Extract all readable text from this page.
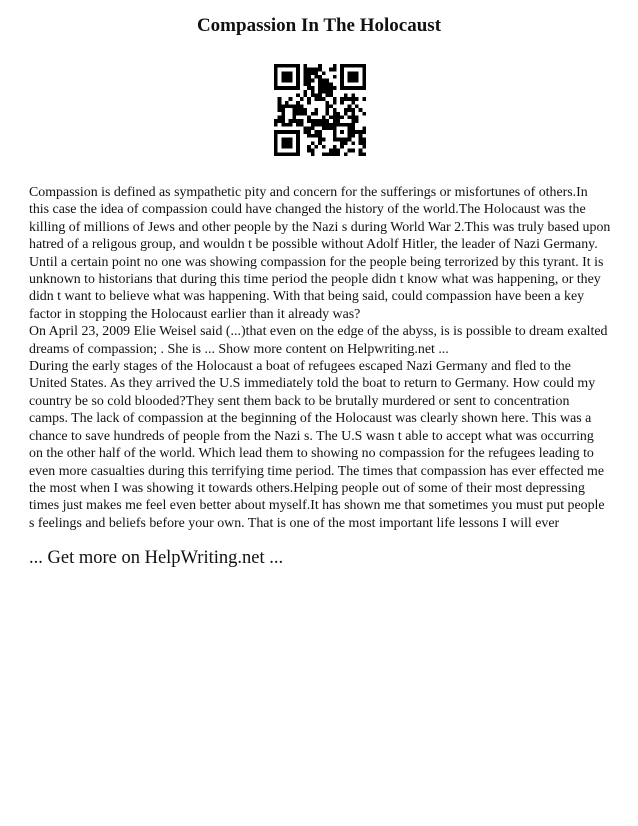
Compassion In The Holocaust

Compassion is defined as sympathetic pity and concern for the sufferings or misfortunes of others.In this case the idea of compassion could have changed the history of the world.The Holocaust was the killing of millions of Jews and other people by the Nazi s during World War 2.This was truly based upon hatred of a religous group, and wouldn t be possible without Adolf Hitler, the leader of Nazi Germany. Until a certain point no one was showing compassion for the people being terrorized by this tyrant. It is unknown to historians that during this time period the people didn t know what was happening, or they didn t want to believe what was happening. With that being said, could compassion have been a key factor in stopping the Holocaust earlier than it already was?

On April 23, 2009 Elie Weisel said (...)that even on the edge of the abyss, is is possible to dream exalted dreams of compassion; . She is ... Show more content on Helpwriting.net ...

During the early stages of the Holocaust a boat of refugees escaped Nazi Germany and fled to the United States. As they arrived the U.S immediately told the boat to return to Germany. How could my country be so cold blooded?They sent them back to be brutally murdered or sent to concentration camps. The lack of compassion at the beginning of the Holocaust was clearly shown here. This was a chance to save hundreds of people from the Nazi s. The U.S wasn t able to accept what was occurring on the other half of the world. Which lead them to showing no compassion for the refugees leading to even more casualties during this terrifying time period. The times that compassion has ever effected me the most when I was showing it towards others.Helping people out of some of their most depressing times just makes me feel even better about myself.It has shown me that sometimes you must put people s feelings and beliefs before your own. That is one of the most important life lessons I will ever

... Get more on HelpWriting.net ...
